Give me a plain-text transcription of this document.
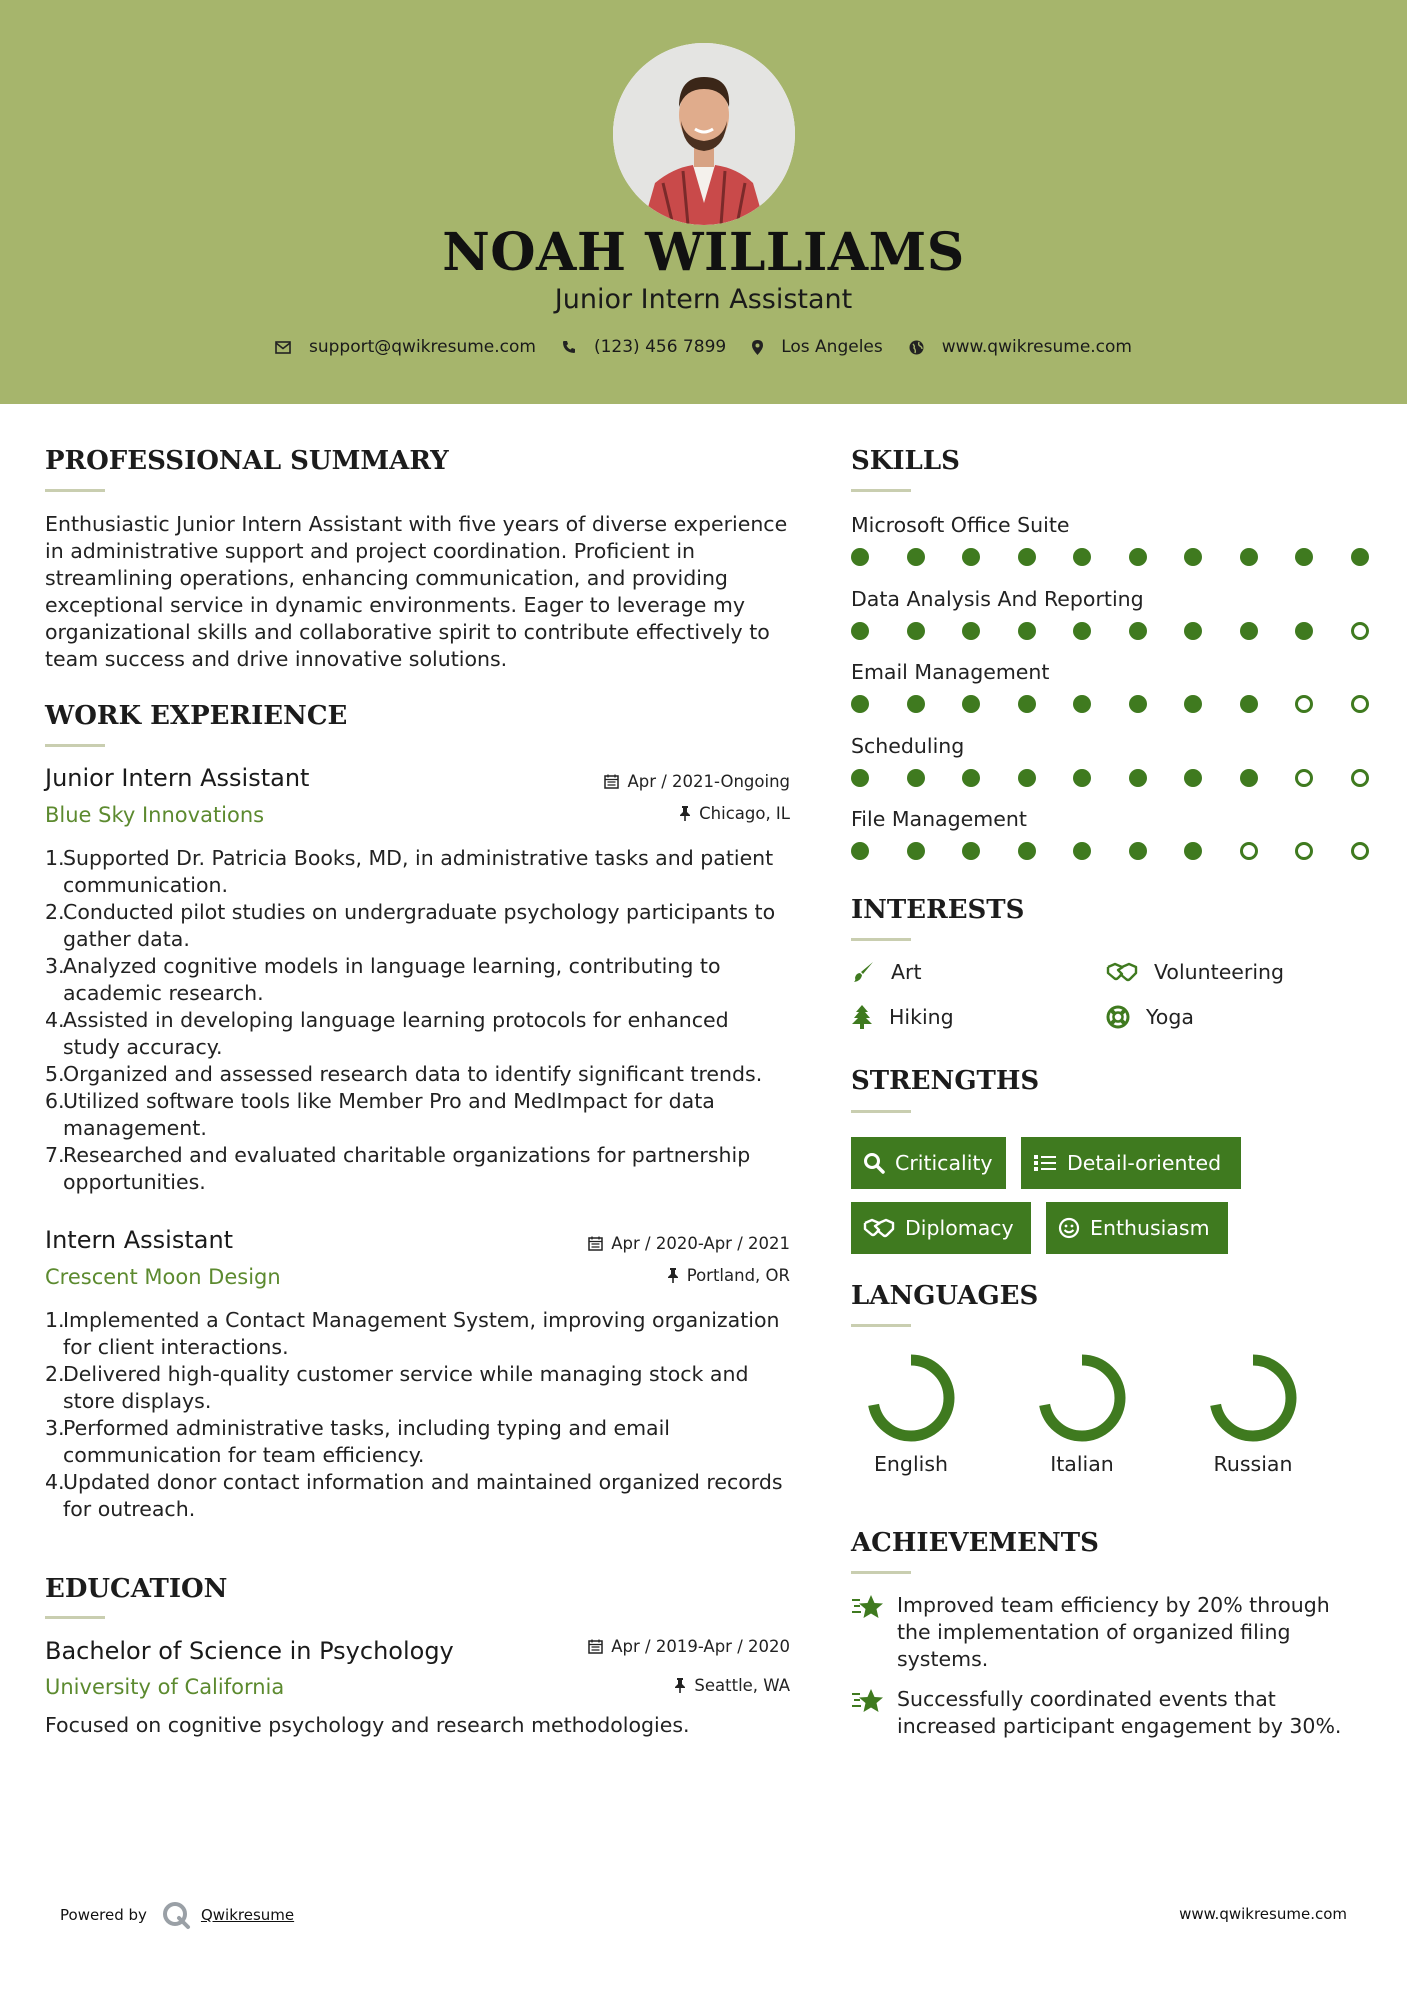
NOAH WILLIAMS
Junior Intern Assistant
support@qwikresume.com	(123) 456 7899	Los Angeles	www.qwikresume.com
PROFESSIONAL SUMMARY
Enthusiastic Junior Intern Assistant with five years of diverse experience in administrative support and project coordination. Proficient in streamlining operations, enhancing communication, and providing exceptional service in dynamic environments. Eager to leverage my organizational skills and collaborative spirit to contribute effectively to team success and drive innovative solutions.
WORK EXPERIENCE
Junior Intern Assistant	Apr / 2021-Ongoing
Blue Sky Innovations	Chicago, IL
1.
Supported Dr. Patricia Books, MD, in administrative tasks and patient communication.
2.
Conducted pilot studies on undergraduate psychology participants to gather data.
3.
Analyzed cognitive models in language learning, contributing to academic research.
4.
Assisted in developing language learning protocols for enhanced study accuracy.
5.
Organized and assessed research data to identify significant trends.
6.
Utilized software tools like Member Pro and MedImpact for data management.
7.
Researched and evaluated charitable organizations for partnership opportunities.
Intern Assistant	Apr / 2020-Apr / 2021
Crescent Moon Design	Portland, OR
1.
Implemented a Contact Management System, improving organization for client interactions.
2.
Delivered high-quality customer service while managing stock and store displays.
3.
Performed administrative tasks, including typing and email communication for team efficiency.
4.
Updated donor contact information and maintained organized records for outreach.
EDUCATION
Bachelor of Science in Psychology	Apr / 2019-Apr / 2020
University of California	Seattle, WA
Focused on cognitive psychology and research methodologies.
SKILLS
Microsoft Office Suite
Data Analysis And Reporting
Email Management
Scheduling
File Management
INTERESTS
Art	Volunteering
Hiking	Yoga
STRENGTHS
Criticality	Detail-oriented
Diplomacy	Enthusiasm
LANGUAGES
English	Italian	Russian
ACHIEVEMENTS
Improved team efficiency by 20% through the implementation of organized filing systems.
Successfully coordinated events that increased participant engagement by 30%.
Powered by	Qwikresume	www.qwikresume.com
